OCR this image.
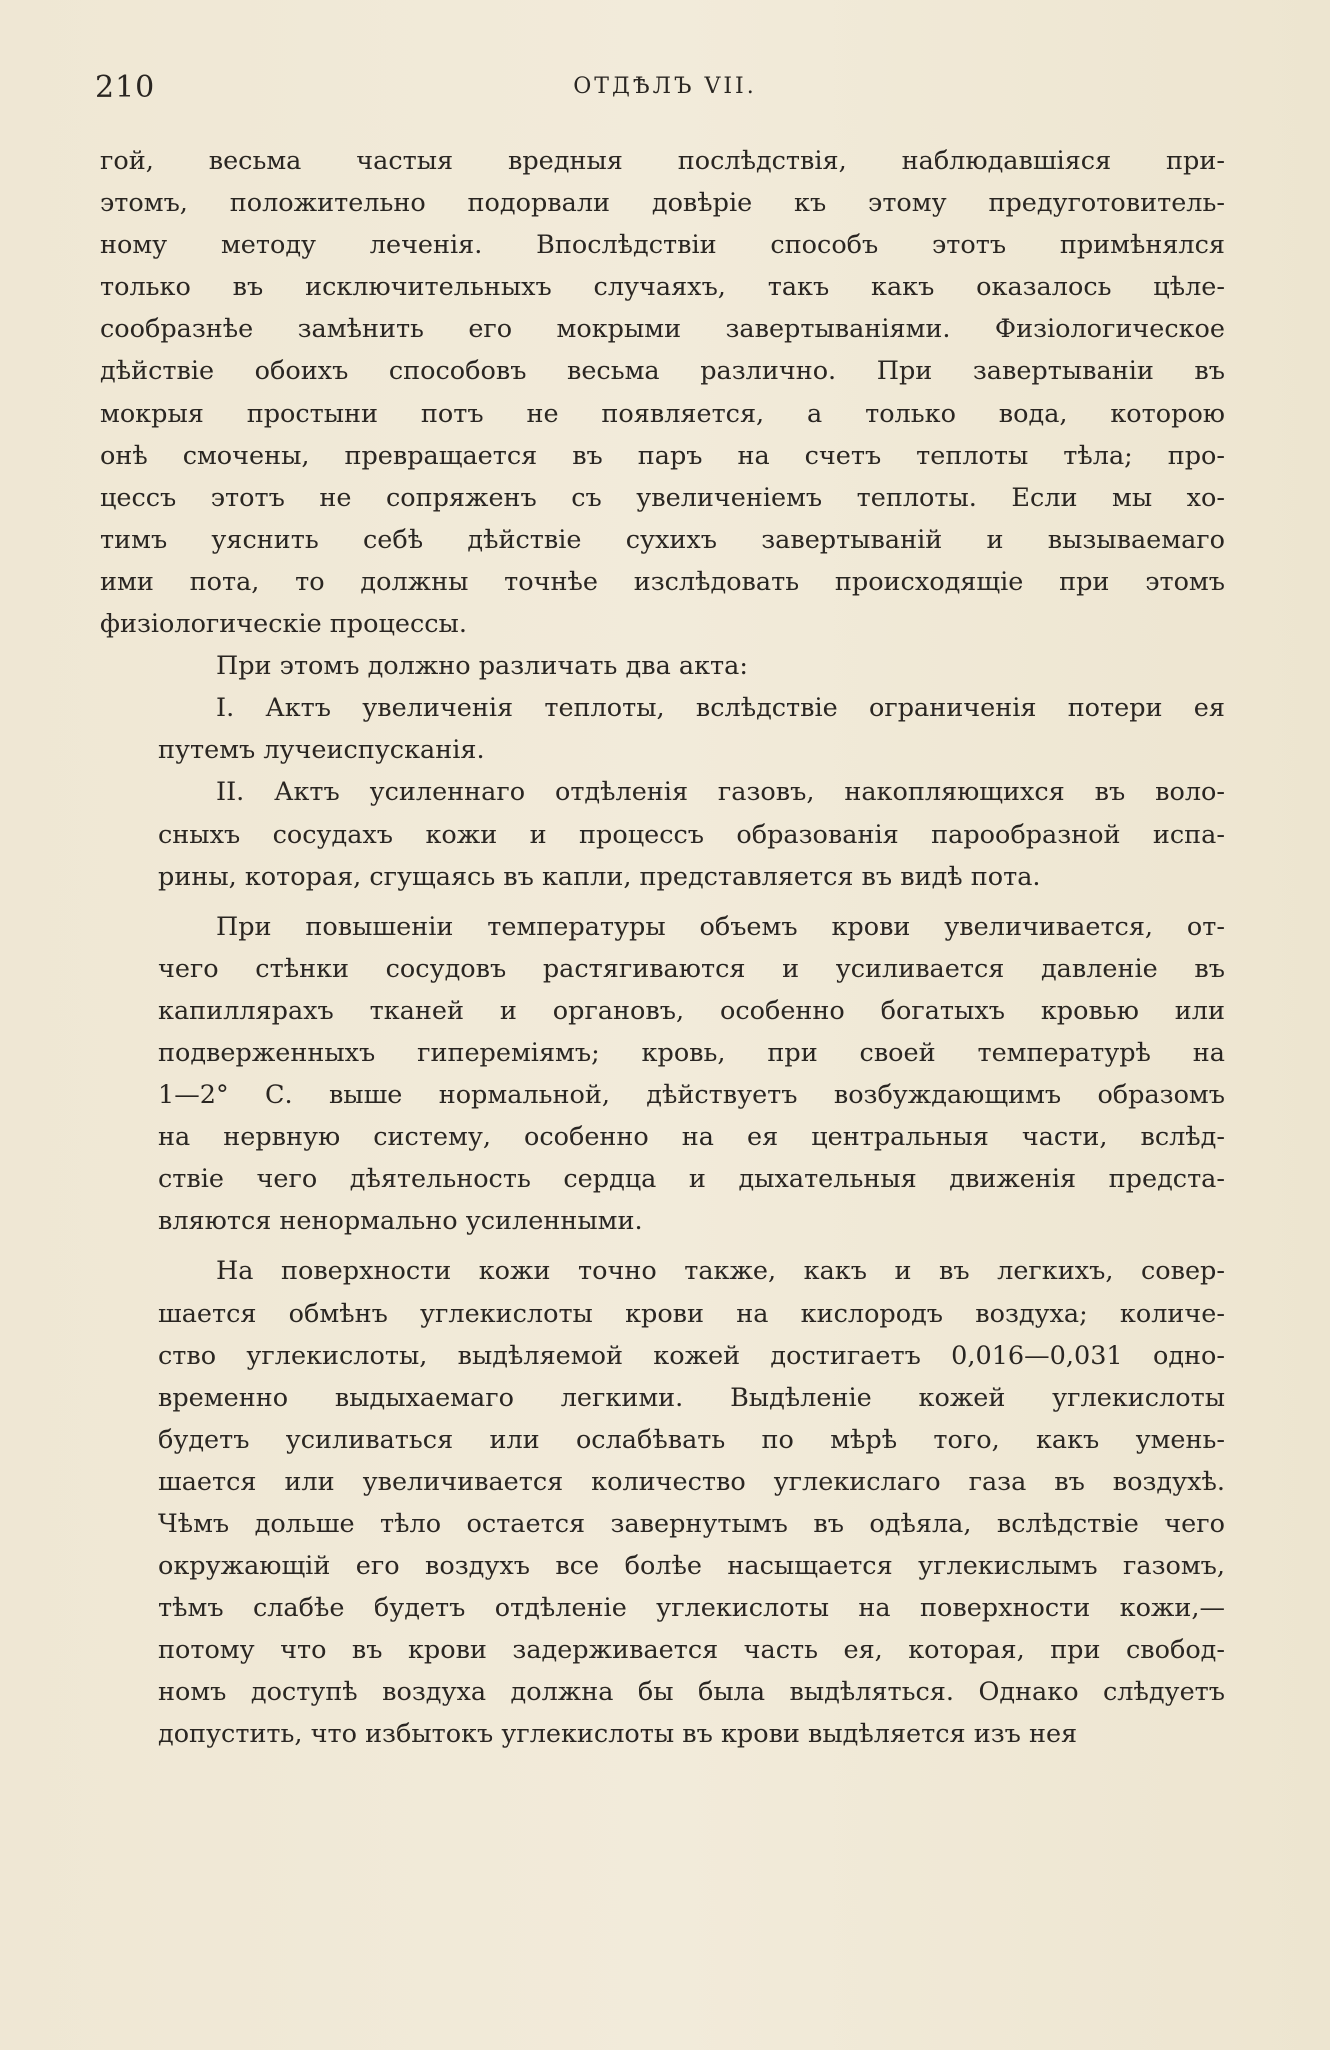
210	ОТДѢЛЪ VII.
гой, весьма частыя вредныя послѣдствія, наблюдавшіяся при-
этомъ, положительно подорвали довѣріе къ этому предуготовитель-
ному методу леченія. Впослѣдствіи способъ этотъ примѣнялся
только въ исключительныхъ случаяхъ, такъ какъ оказалось цѣле-
сообразнѣе замѣнить его мокрыми завертываніями. Физіологическое
дѣйствіе обоихъ способовъ весьма различно. При завертываніи въ
мокрыя простыни потъ не появляется, а только вода, которою
онѣ смочены, превращается въ паръ на счетъ теплоты тѣла; про-
цессъ этотъ не сопряженъ съ увеличеніемъ теплоты. Если мы хо-
тимъ уяснить себѣ дѣйствіе сухихъ завертываній и вызываемаго
ими пота, то должны точнѣе изслѣдовать происходящіе при этомъ
физіологическіе процессы.
При этомъ должно различать два акта:
I. Актъ увеличенія теплоты, вслѣдствіе ограниченія потери ея
путемъ лучеиспусканія.
II. Актъ усиленнаго отдѣленія газовъ, накопляющихся въ воло-
сныхъ сосудахъ кожи и процессъ образованія парообразной испа-
рины, которая, сгущаясь въ капли, представляется въ видѣ пота.
При повышеніи температуры объемъ крови увеличивается, от-
чего стѣнки сосудовъ растягиваются и усиливается давленіе въ
капиллярахъ тканей и органовъ, особенно богатыхъ кровью или
подверженныхъ гипереміямъ; кровь, при своей температурѣ на
1—2° С. выше нормальной, дѣйствуетъ возбуждающимъ образомъ
на нервную систему, особенно на ея центральныя части, вслѣд-
ствіе чего дѣятельность сердца и дыхательныя движенія предста-
вляются ненормально усиленными.
На поверхности кожи точно также, какъ и въ легкихъ, совер-
шается обмѣнъ углекислоты крови на кислородъ воздуха; количе-
ство углекислоты, выдѣляемой кожей достигаетъ 0,016—0,031 одно-
временно выдыхаемаго легкими. Выдѣленіе кожей углекислоты
будетъ усиливаться или ослабѣвать по мѣрѣ того, какъ умень-
шается или увеличивается количество углекислаго газа въ воздухѣ.
Чѣмъ дольше тѣло остается завернутымъ въ одѣяла, вслѣдствіе чего
окружающій его воздухъ все болѣе насыщается углекислымъ газомъ,
тѣмъ слабѣе будетъ отдѣленіе углекислоты на поверхности кожи,—
потому что въ крови задерживается часть ея, которая, при свобод-
номъ доступѣ воздуха должна бы была выдѣляться. Однако слѣдуетъ
допустить, что избытокъ углекислоты въ крови выдѣляется изъ нея
